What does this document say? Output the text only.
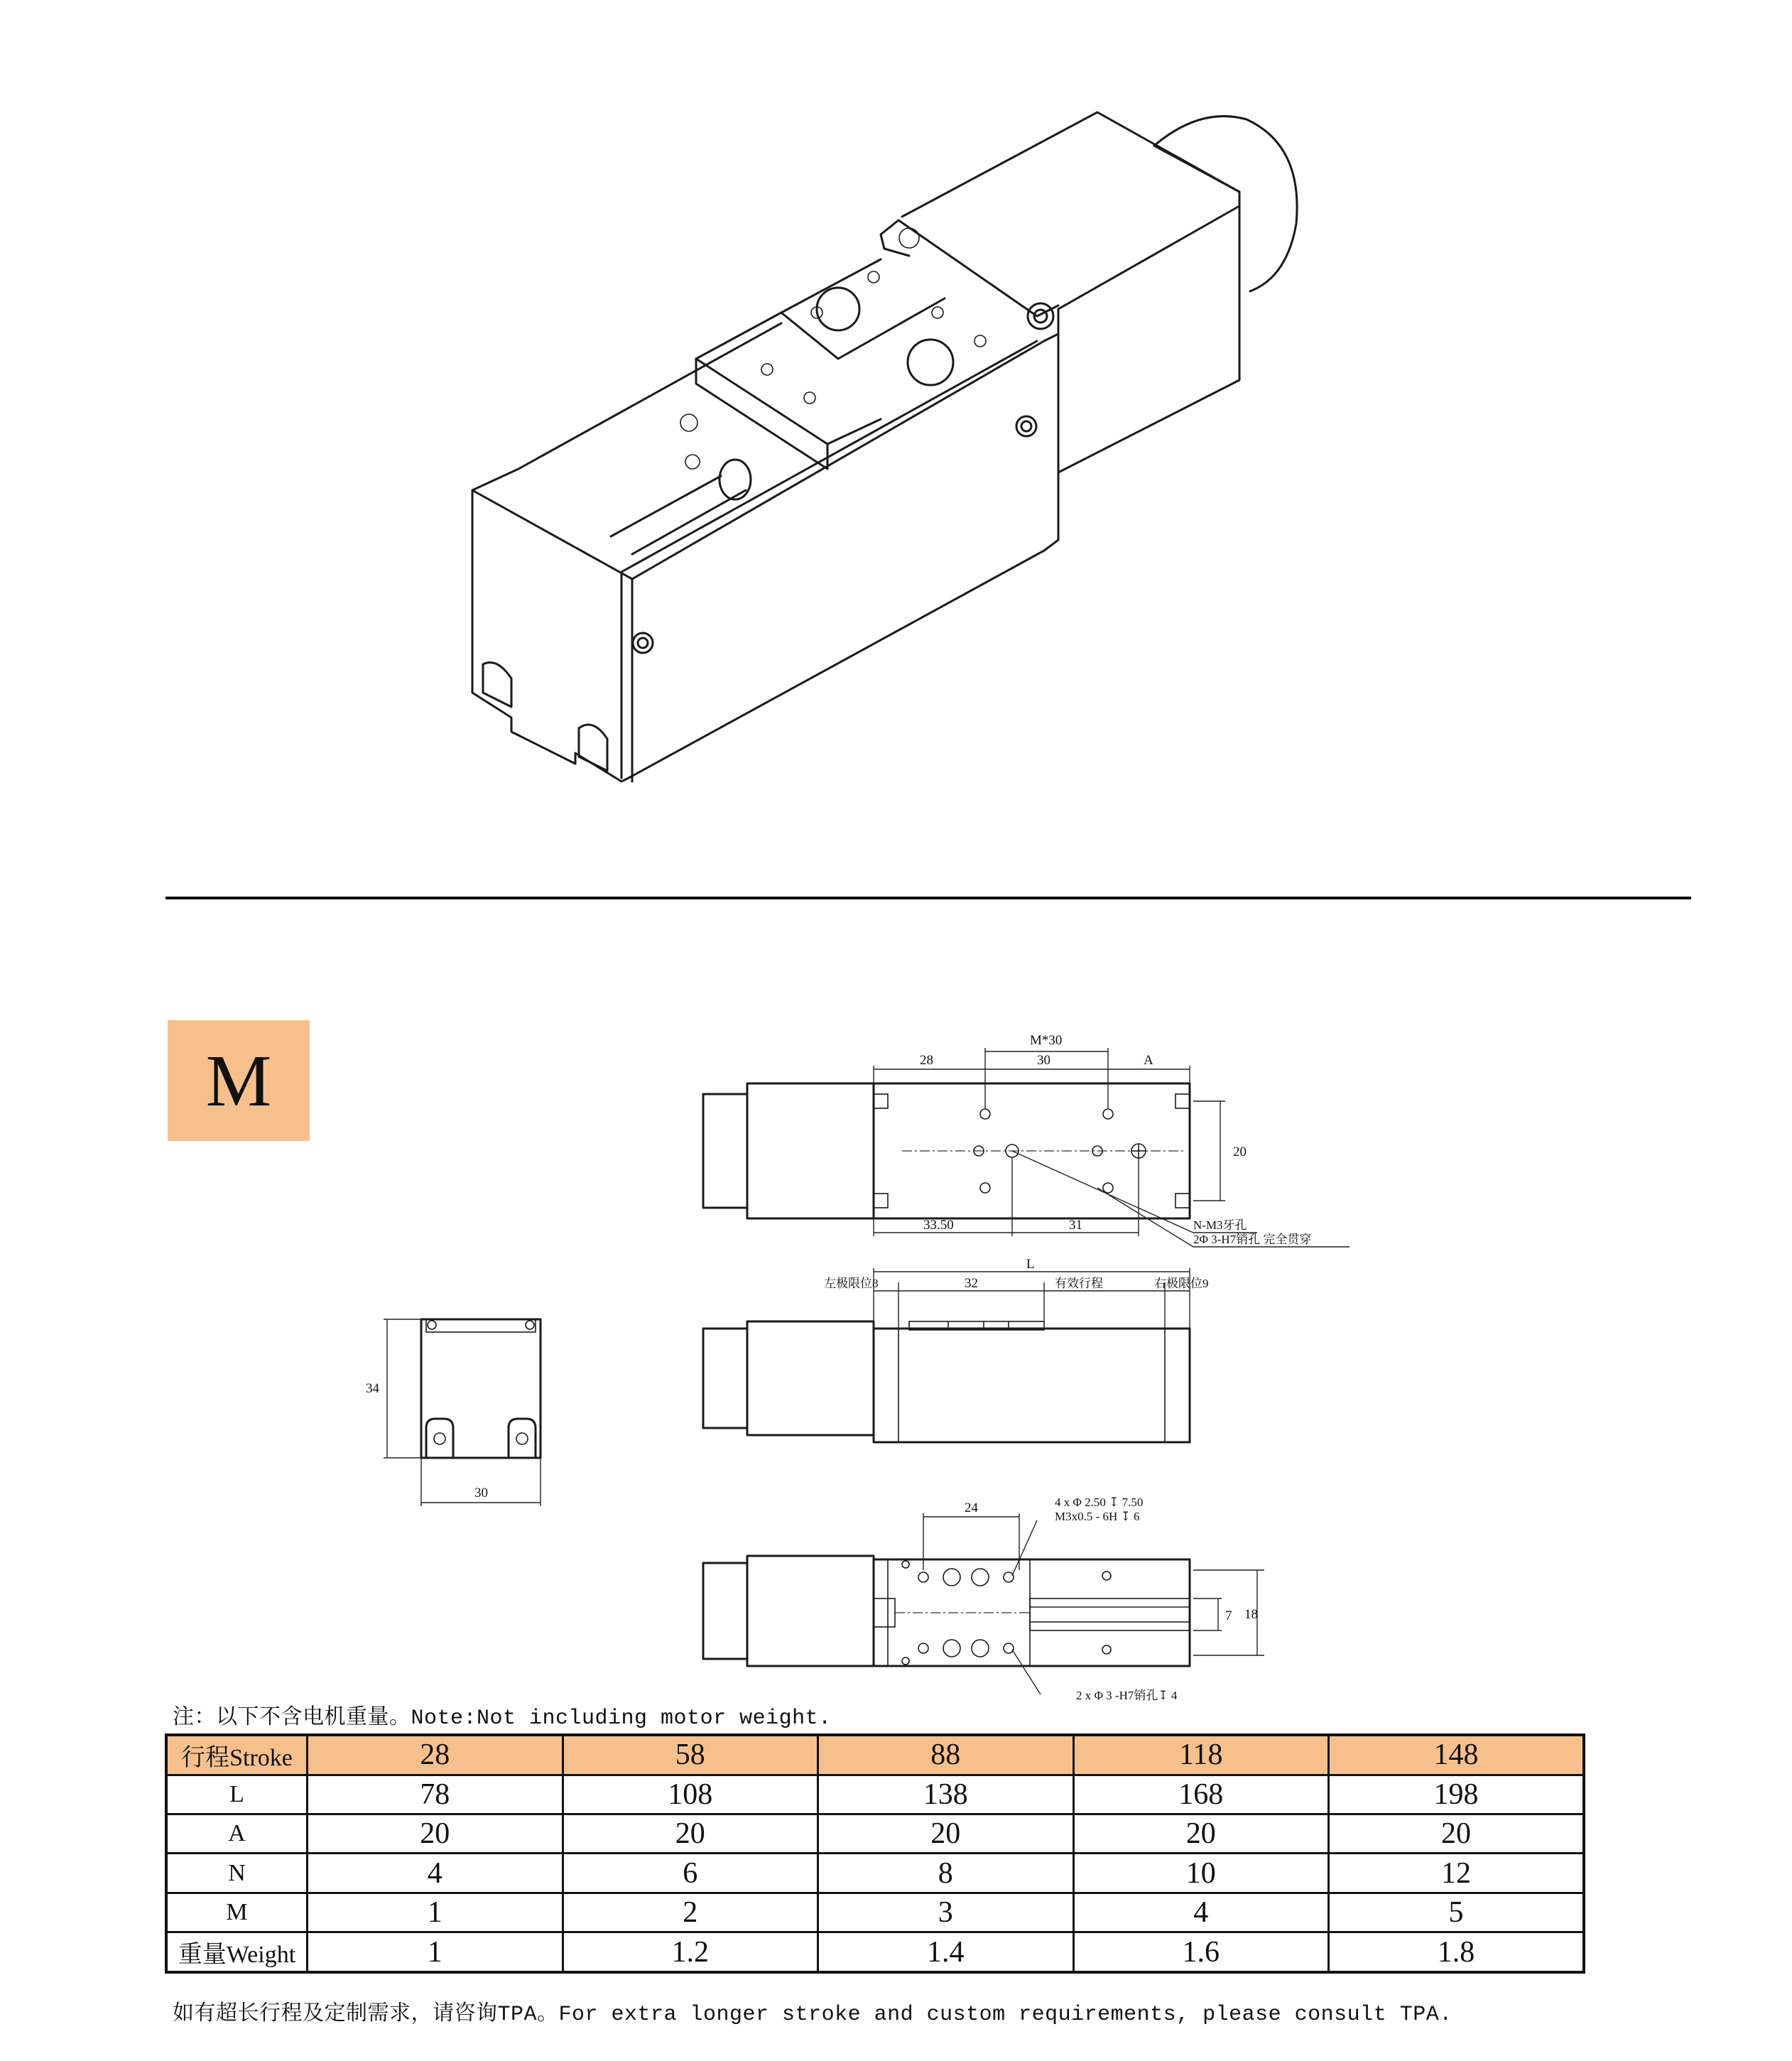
M	M*30
28	30	A
20
33.50	31	N-M3牙孔
2Φ 3-H7销孔 完全贯穿
L
左极限位8	32	有效行程	右极限位9
34
30
24	4 x Φ 2.50 ↧ 7.50
M3x0.5 - 6H ↧ 6
7 18
2 x Φ 3 -H7销孔↧ 4
注：以下不含电机重量。Note:Not including motor weight.
行程Stroke	28	58	88	118	148
L	78	108	138	168	198
A	20	20	20	20	20
N	4	6	8	10	12
M	1	2	3	4	5
重量Weight	1	1.2	1.4	1.6	1.8
如有超长行程及定制需求，请咨询TPA。For extra longer stroke and custom requirements, please consult TPA.
